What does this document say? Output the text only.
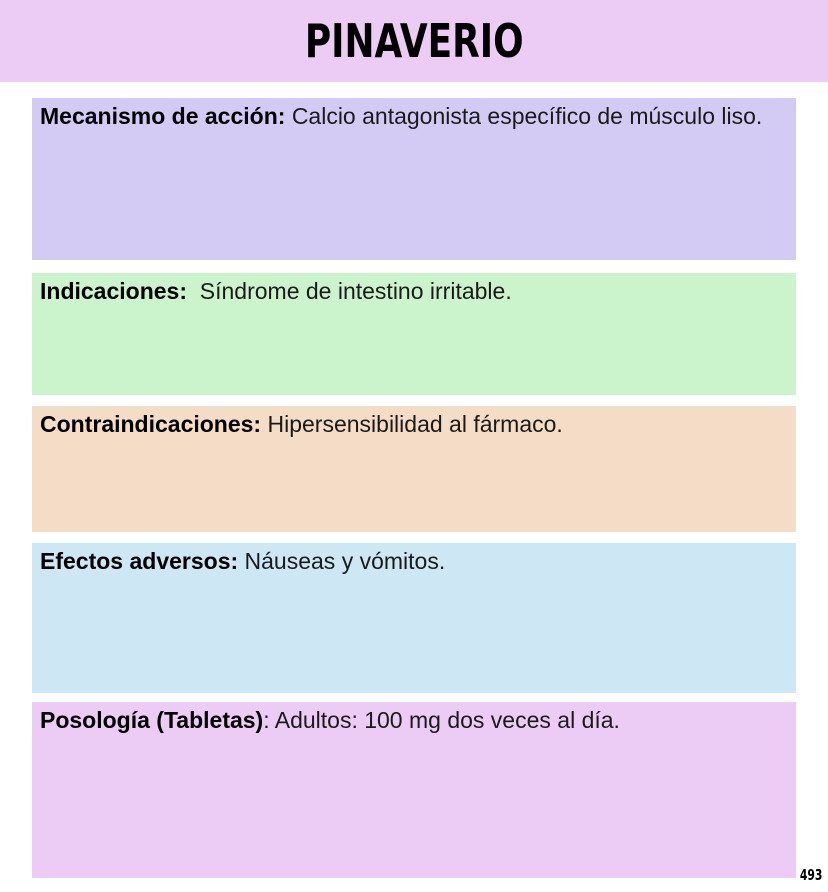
PINAVERIO
Mecanismo de acción: Calcio antagonista específico de músculo liso.
Indicaciones: Síndrome de intestino irritable.
Contraindicaciones: Hipersensibilidad al fármaco.
Efectos adversos: Náuseas y vómitos.
Posología (Tabletas): Adultos: 100 mg dos veces al día.
493
